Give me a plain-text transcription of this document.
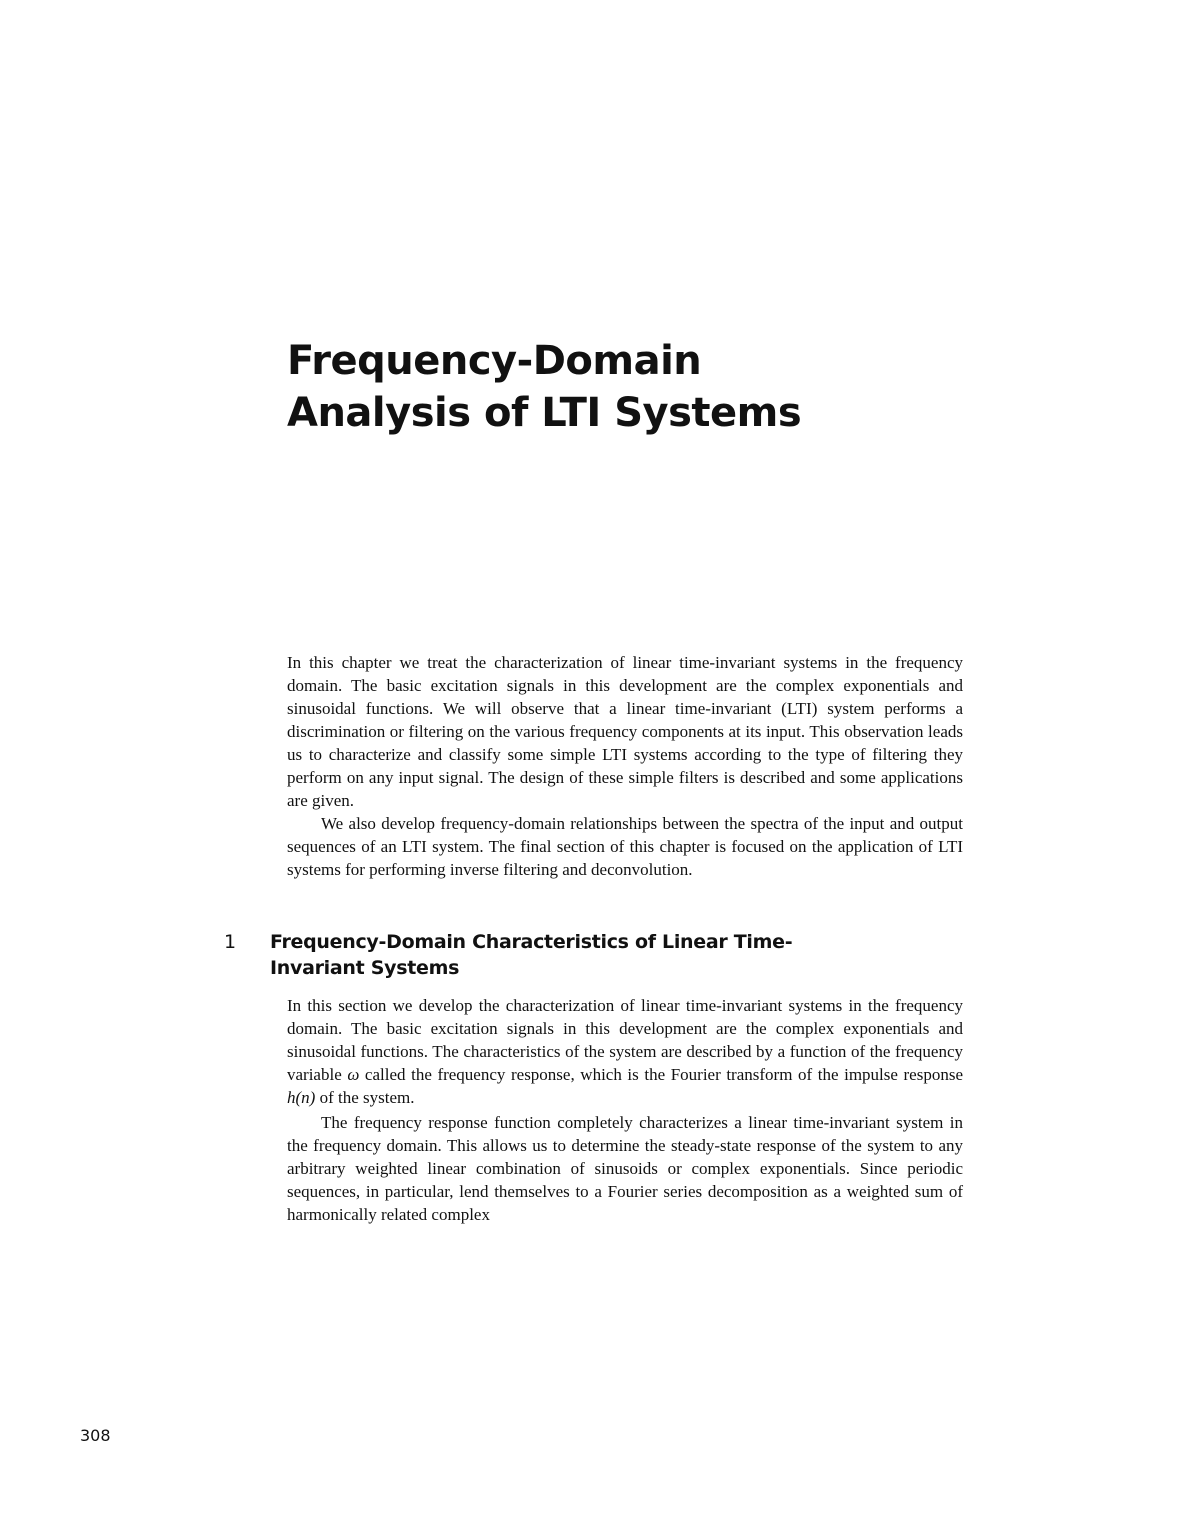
Frequency-Domain
Analysis of LTI Systems

In this chapter we treat the characterization of linear time-invariant systems in the frequency domain. The basic excitation signals in this development are the complex exponentials and sinusoidal functions. We will observe that a linear time-invariant (LTI) system performs a discrimination or filtering on the various frequency components at its input. This observation leads us to characterize and classify some simple LTI systems according to the type of filtering they perform on any input signal. The design of these simple filters is described and some applications are given.

We also develop frequency-domain relationships between the spectra of the input and output sequences of an LTI system. The final section of this chapter is focused on the application of LTI systems for performing inverse filtering and deconvolution.

1 Frequency-Domain Characteristics of Linear Time-Invariant Systems

In this section we develop the characterization of linear time-invariant systems in the frequency domain. The basic excitation signals in this development are the complex exponentials and sinusoidal functions. The characteristics of the system are described by a function of the frequency variable ω called the frequency response, which is the Fourier transform of the impulse response h(n) of the system.

The frequency response function completely characterizes a linear time-invariant system in the frequency domain. This allows us to determine the steady-state response of the system to any arbitrary weighted linear combination of sinusoids or complex exponentials. Since periodic sequences, in particular, lend themselves to a Fourier series decomposition as a weighted sum of harmonically related complex

308
